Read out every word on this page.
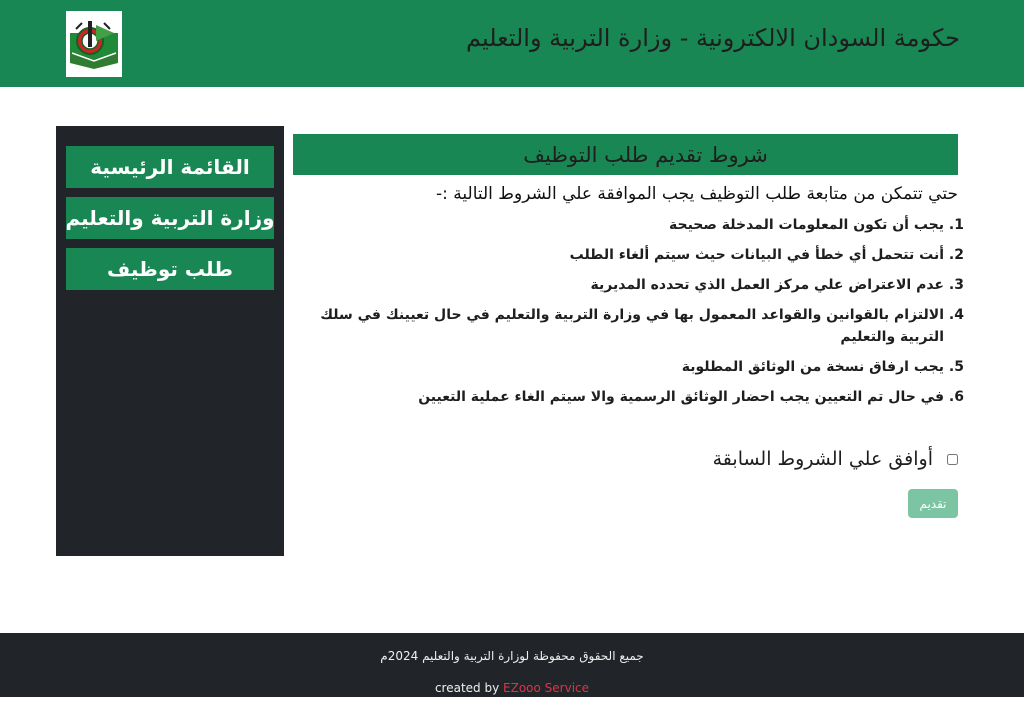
حكومة السودان الالكترونية - وزارة التربية والتعليم
القائمة الرئيسية
وزارة التربية والتعليم
طلب توظيف
شروط تقديم طلب التوظيف
حتي تتمكن من متابعة طلب التوظيف يجب الموافقة علي الشروط التالية :-
1. يجب أن تكون المعلومات المدخلة صحيحة
2. أنت تتحمل أي خطأ في البيانات حيث سيتم ألغاء الطلب
3. عدم الاعتراض علي مركز العمل الذي تحدده المديرية
4. الالتزام بالقوانين والقواعد المعمول بها في وزارة التربية والتعليم في حال تعيينك في سلك التربية والتعليم
5. يجب ارفاق نسخة من الوثائق المطلوبة
6. في حال تم التعيين يجب احضار الوثائق الرسمية والا سيتم الغاء عملية التعيين
أوافق علي الشروط السابقة
تقديم
جميع الحقوق محفوظة لوزارة التربية والتعليم 2024م
created by EZooo Service
